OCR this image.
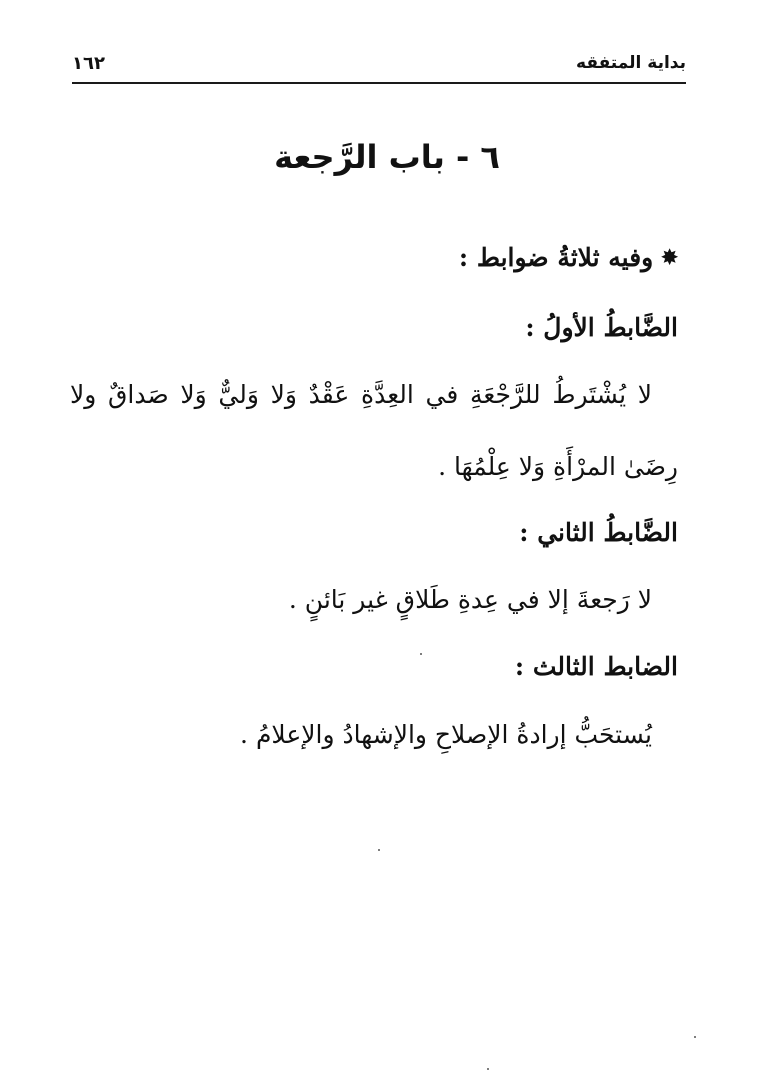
بداية المتفقه
١٦٢
٦ - باب الرَّجعة
✸وفيه ثلاثةُ ضوابط :
الضَّابطُ الأولُ :
لا يُشْتَرطُ للرَّجْعَةِ في العِدَّةِ عَقْدٌ وَلا وَليٌّ وَلا صَداقٌ ولا
رِضَىٰ المرْأَةِ وَلا عِلْمُهَا .
الضَّابطُ الثاني :
لا رَجعةَ إلا في عِدةِ طَلاقٍ غير بَائنٍ .
الضابط الثالث :
يُستحَبُّ إرادةُ الإصلاحِ والإشهادُ والإعلامُ .
